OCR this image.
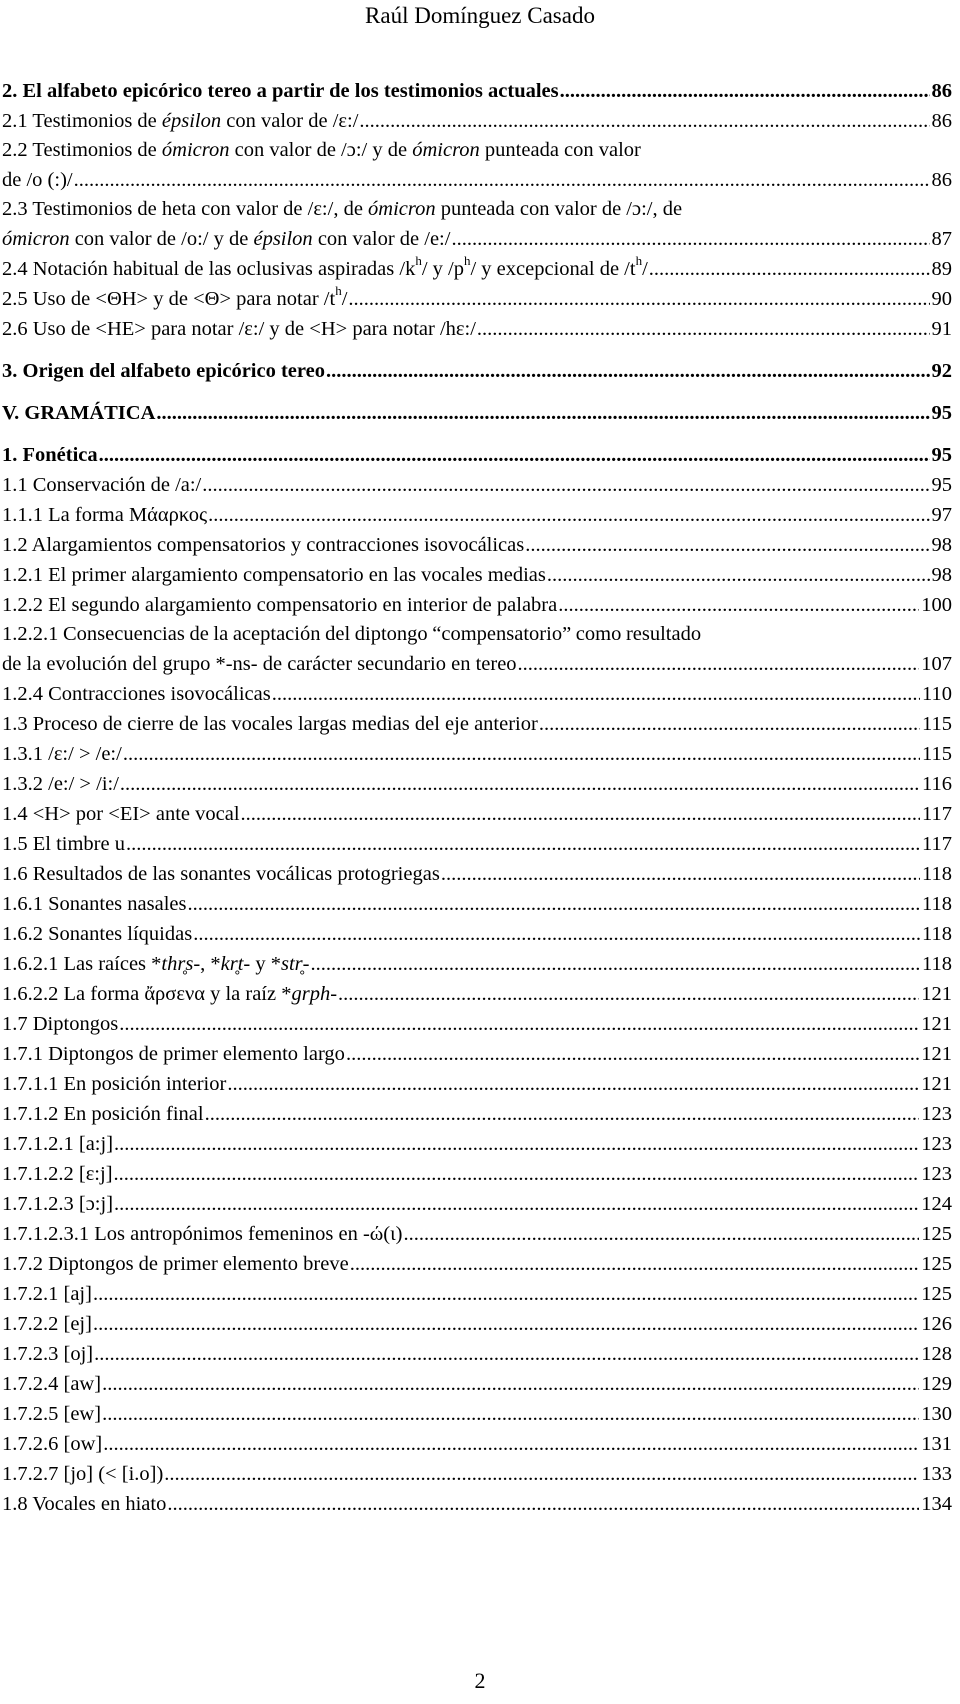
Raúl Domínguez Casado
2. El alfabeto epicórico tereo a partir de los testimonios actuales .....	86
2.1 Testimonios de épsilon con valor de /ɛ:/ .....	86
2.2 Testimonios de ómicron con valor de /ɔ:/ y de ómicron punteada con valor
de /o (:)/ .....	86
2.3 Testimonios de heta con valor de /ɛ:/, de ómicron punteada con valor de /ɔ:/, de
ómicron con valor de /o:/ y de épsilon con valor de /e:/ .....	87
2.4 Notación habitual de las oclusivas aspiradas $/k^h/$ y $/p^h/$ y excepcional de $/t^h/$ .....	89
2.5 Uso de <ΘH> y de <Θ> para notar $/t^h/$ .....	90
2.6 Uso de <HE> para notar /ɛ:/ y de <H> para notar /hɛ:/ .....	91
3. Origen del alfabeto epicórico tereo .....	92
V. GRAMÁTICA .....	95
1. Fonética .....	95
1.1 Conservación de /a:/ .....	95
1.1.1 La forma Μάαρκος .....	97
1.2 Alargamientos compensatorios y contracciones isovocálicas .....	98
1.2.1 El primer alargamiento compensatorio en las vocales medias .....	98
1.2.2 El segundo alargamiento compensatorio en interior de palabra .....	100
1.2.2.1 Consecuencias de la aceptación del diptongo “compensatorio” como resultado
de la evolución del grupo *-ns- de carácter secundario en tereo .....	107
1.2.4 Contracciones isovocálicas .....	110
1.3 Proceso de cierre de las vocales largas medias del eje anterior .....	115
1.3.1 /ɛ:/ > /e:/ .....	115
1.3.2 /e:/ > /i:/ .....	116
1.4 <H> por <EI> ante vocal .....	117
1.5 El timbre u .....	117
1.6 Resultados de las sonantes vocálicas protogriegas .....	118
1.6.1 Sonantes nasales .....	118
1.6.2 Sonantes líquidas .....	118
1.6.2.1 Las raíces *thr̥s-, *kr̥t- y *str̥- .....	118
1.6.2.2 La forma ἄρσενα y la raíz *grph- .....	121
1.7 Diptongos .....	121
1.7.1 Diptongos de primer elemento largo .....	121
1.7.1.1 En posición interior .....	121
1.7.1.2 En posición final .....	123
1.7.1.2.1 [a:j] .....	123
1.7.1.2.2 [ɛ:j] .....	123
1.7.1.2.3 [ɔ:j] .....	124
1.7.1.2.3.1 Los antropónimos femeninos en -ώ(ι) .....	125
1.7.2 Diptongos de primer elemento breve .....	125
1.7.2.1 [aj] .....	125
1.7.2.2 [ej] .....	126
1.7.2.3 [oj] .....	128
1.7.2.4 [aw] .....	129
1.7.2.5 [ew] .....	130
1.7.2.6 [ow] .....	131
1.7.2.7 [jo] (< [i.o]) .....	133
1.8 Vocales en hiato .....	134
2
